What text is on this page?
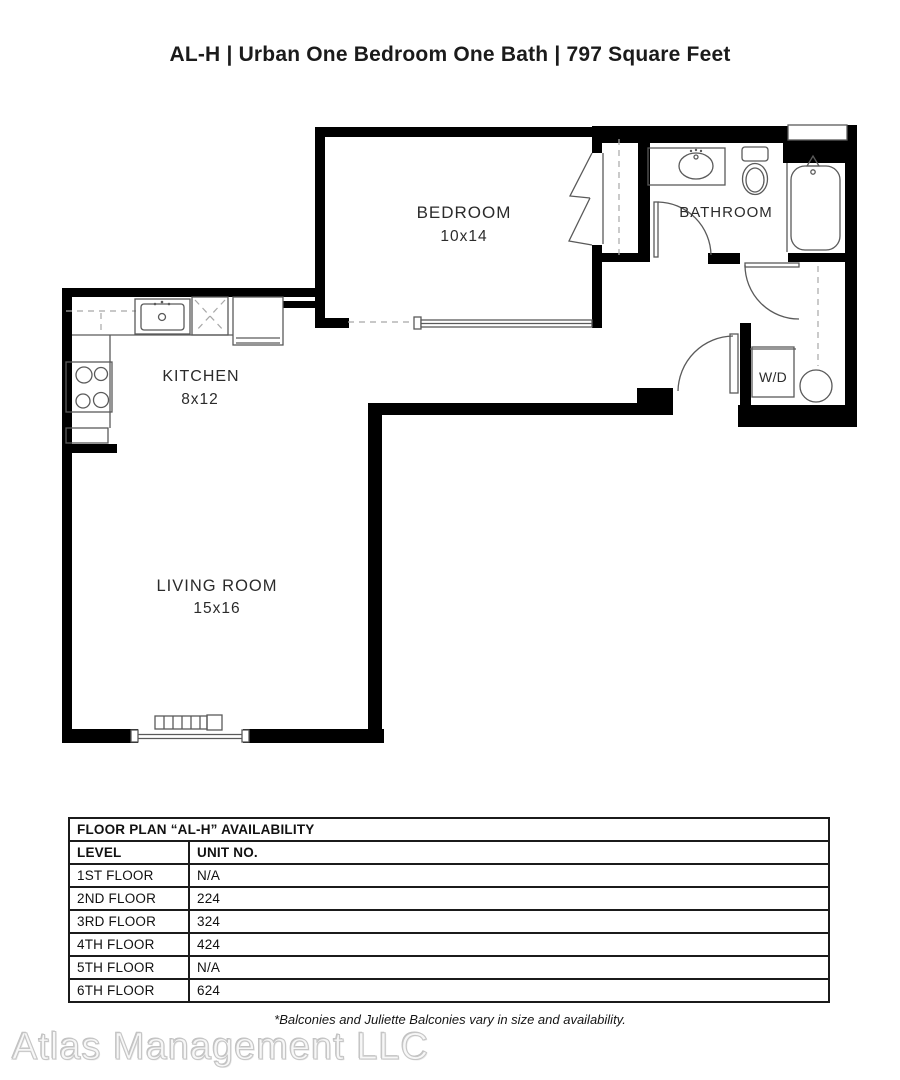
AL-H | Urban One Bedroom One Bath | 797 Square Feet
BEDROOM
10x14
BATHROOM
KITCHEN
8x12
LIVING ROOM
15x16
W/D
FLOOR PLAN “AL-H” AVAILABILITY	
LEVEL	UNIT NO.
1ST FLOOR	N/A
2ND FLOOR	224
3RD FLOOR	324
4TH FLOOR	424
5TH FLOOR	N/A
6TH FLOOR	624
*Balconies and Juliette Balconies vary in size and availability.
Atlas Management LLC
